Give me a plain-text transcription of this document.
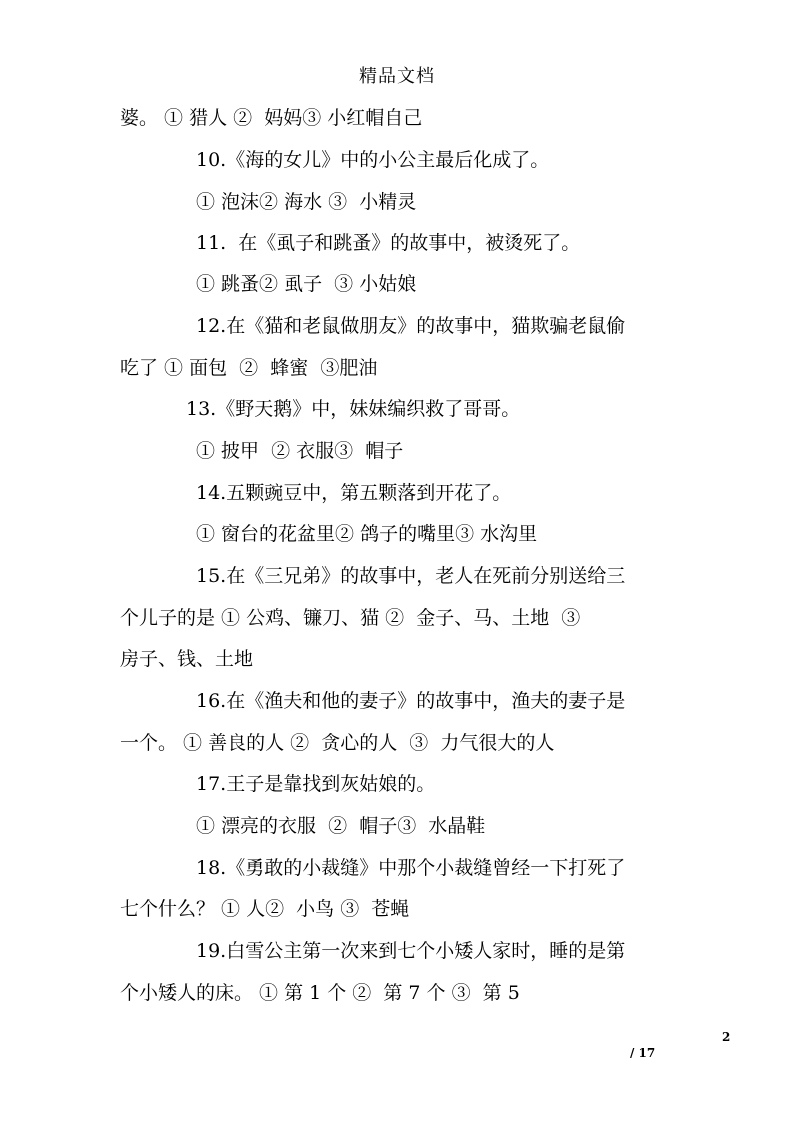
精品文档
婆。 ① 猎人 ②  妈妈③ 小红帽自己
10.《海的女儿》中的小公主最后化成了。
① 泡沫② 海水 ③  小精灵
11.  在《虱子和跳蚤》的故事中，被烫死了。
① 跳蚤② 虱子  ③ 小姑娘
12.在《猫和老鼠做朋友》的故事中，猫欺骗老鼠偷
吃了 ① 面包  ②  蜂蜜  ③肥油
13.《野天鹅》中，妹妹编织救了哥哥。
① 披甲  ② 衣服③  帽子
14.五颗豌豆中，第五颗落到开花了。
① 窗台的花盆里② 鸽子的嘴里③ 水沟里
15.在《三兄弟》的故事中，老人在死前分别送给三
个儿子的是 ① 公鸡、镰刀、猫 ②  金子、马、土地  ③
房子、钱、土地
16.在《渔夫和他的妻子》的故事中，渔夫的妻子是
一个。 ① 善良的人 ②  贪心的人  ③  力气很大的人
17.王子是靠找到灰姑娘的。
① 漂亮的衣服  ②  帽子③  水晶鞋
18.《勇敢的小裁缝》中那个小裁缝曾经一下打死了
七个什么？ ① 人②  小鸟 ③  苍蝇
19.白雪公主第一次来到七个小矮人家时，睡的是第
个小矮人的床。 ① 第 1 个 ②  第 7 个 ③  第 5
2
/ 17
